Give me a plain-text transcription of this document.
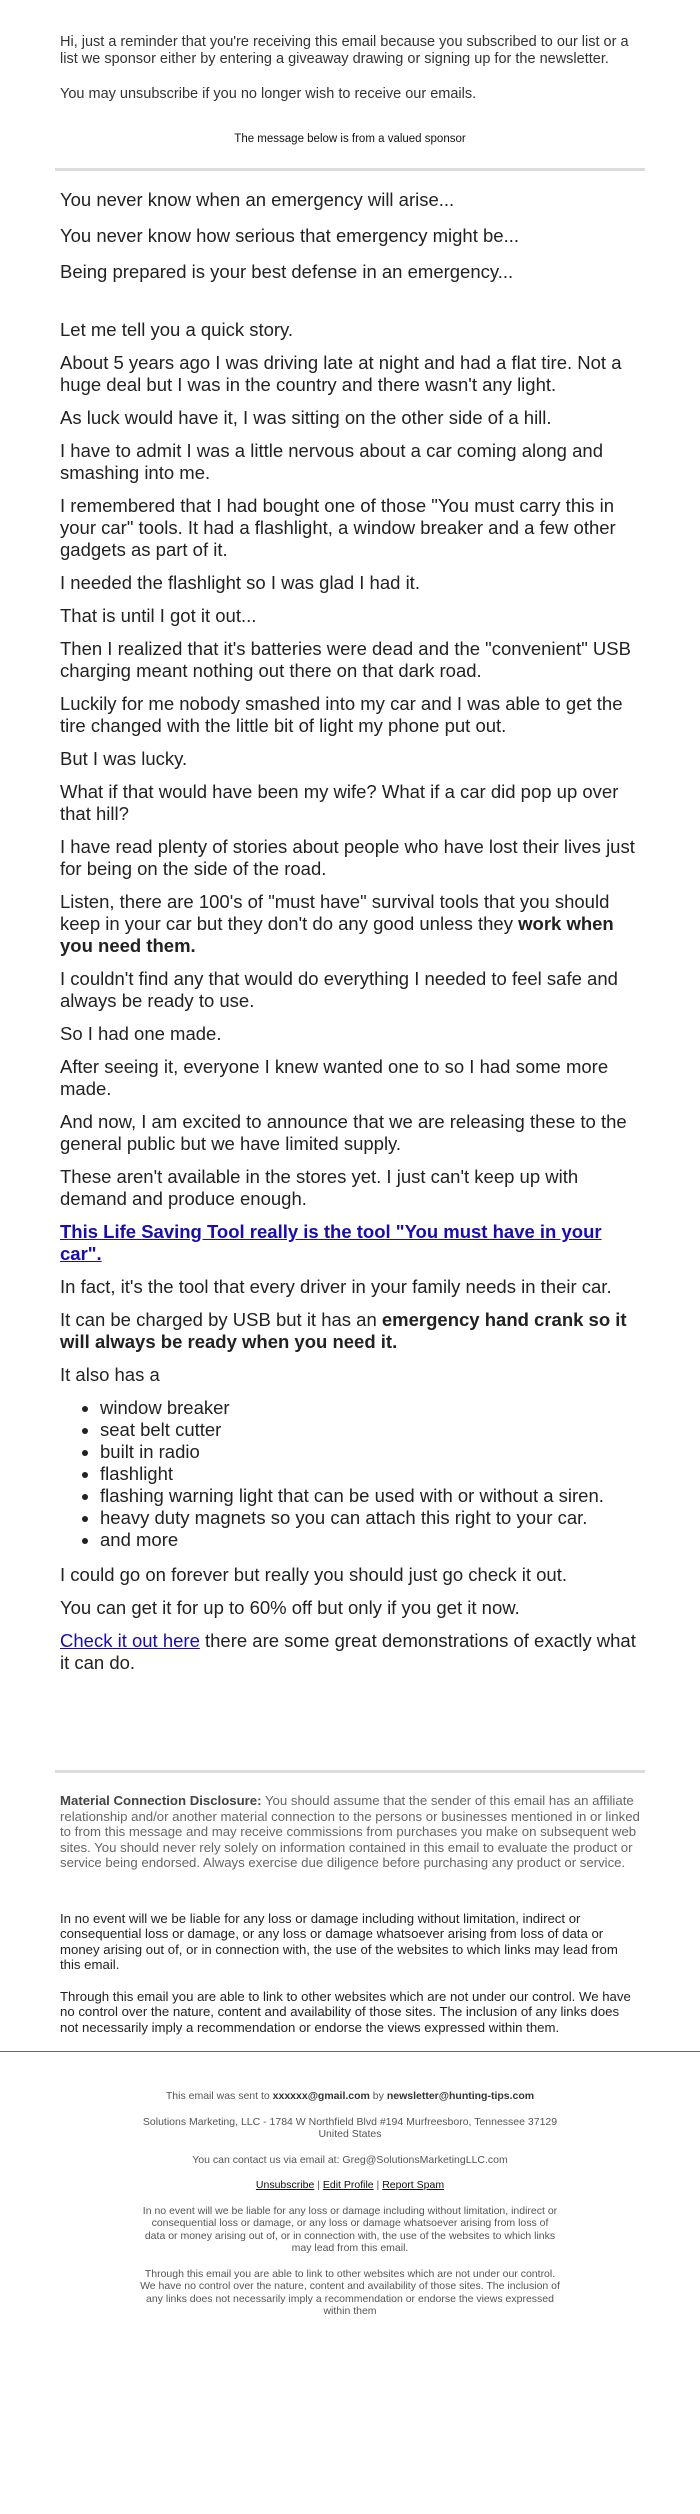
Hi, just a reminder that you're receiving this email because you subscribed to our list or a list we sponsor either by entering a giveaway drawing or signing up for the newsletter.

You may unsubscribe if you no longer wish to receive our emails.

The message below is from a valued sponsor

You never know when an emergency will arise...

You never know how serious that emergency might be...

Being prepared is your best defense in an emergency...

Let me tell you a quick story.

About 5 years ago I was driving late at night and had a flat tire. Not a huge deal but I was in the country and there wasn't any light.

As luck would have it, I was sitting on the other side of a hill.

I have to admit I was a little nervous about a car coming along and smashing into me.

I remembered that I had bought one of those "You must carry this in your car" tools. It had a flashlight, a window breaker and a few other gadgets as part of it.

I needed the flashlight so I was glad I had it.

That is until I got it out...

Then I realized that it's batteries were dead and the "convenient" USB charging meant nothing out there on that dark road.

Luckily for me nobody smashed into my car and I was able to get the tire changed with the little bit of light my phone put out.

But I was lucky.

What if that would have been my wife? What if a car did pop up over that hill?

I have read plenty of stories about people who have lost their lives just for being on the side of the road.

Listen, there are 100's of "must have" survival tools that you should keep in your car but they don't do any good unless they work when you need them.

I couldn't find any that would do everything I needed to feel safe and always be ready to use.

So I had one made.

After seeing it, everyone I knew wanted one to so I had some more made.

And now, I am excited to announce that we are releasing these to the general public but we have limited supply.

These aren't available in the stores yet. I just can't keep up with demand and produce enough.

This Life Saving Tool really is the tool "You must have in your car".

In fact, it's the tool that every driver in your family needs in their car.

It can be charged by USB but it has an emergency hand crank so it will always be ready when you need it.

It also has a

• window breaker
• seat belt cutter
• built in radio
• flashlight
• flashing warning light that can be used with or without a siren.
• heavy duty magnets so you can attach this right to your car.
• and more

I could go on forever but really you should just go check it out.

You can get it for up to 60% off but only if you get it now.

Check it out here there are some great demonstrations of exactly what it can do.

Material Connection Disclosure: You should assume that the sender of this email has an affiliate relationship and/or another material connection to the persons or businesses mentioned in or linked to from this message and may receive commissions from purchases you make on subsequent web sites. You should never rely solely on information contained in this email to evaluate the product or service being endorsed. Always exercise due diligence before purchasing any product or service.

In no event will we be liable for any loss or damage including without limitation, indirect or consequential loss or damage, or any loss or damage whatsoever arising from loss of data or money arising out of, or in connection with, the use of the websites to which links may lead from this email.

Through this email you are able to link to other websites which are not under our control. We have no control over the nature, content and availability of those sites. The inclusion of any links does not necessarily imply a recommendation or endorse the views expressed within them.

This email was sent to xxxxxx@gmail.com by newsletter@hunting-tips.com

Solutions Marketing, LLC - 1784 W Northfield Blvd #194 Murfreesboro, Tennessee 37129 United States

You can contact us via email at: Greg@SolutionsMarketingLLC.com

Unsubscribe | Edit Profile | Report Spam

In no event will we be liable for any loss or damage including without limitation, indirect or consequential loss or damage, or any loss or damage whatsoever arising from loss of data or money arising out of, or in connection with, the use of the websites to which links may lead from this email.

Through this email you are able to link to other websites which are not under our control. We have no control over the nature, content and availability of those sites. The inclusion of any links does not necessarily imply a recommendation or endorse the views expressed within them
